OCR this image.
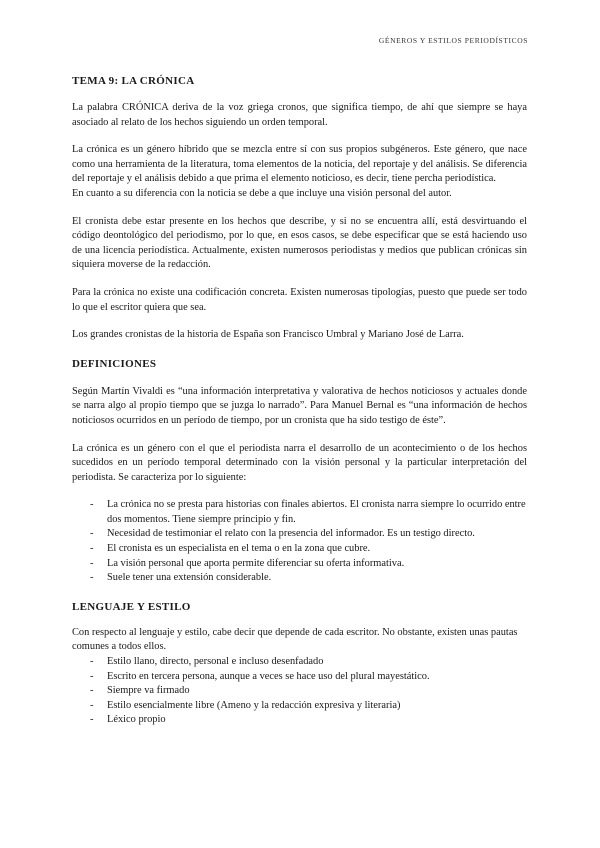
GÉNEROS Y ESTILOS PERIODÍSTICOS
TEMA 9: LA CRÓNICA

La palabra CRÓNICA deriva de la voz griega cronos, que significa tiempo, de ahí que siempre se haya asociado al relato de los hechos siguiendo un orden temporal.

La crónica es un género híbrido que se mezcla entre sí con sus propios subgéneros. Este género, que nace como una herramienta de la literatura, toma elementos de la noticia, del reportaje y del análisis. Se diferencia del reportaje y el análisis debido a que prima el elemento noticioso, es decir, tiene percha periodística.

En cuanto a su diferencia con la noticia se debe a que incluye una visión personal del autor.

El cronista debe estar presente en los hechos que describe, y si no se encuentra allí, está desvirtuando el código deontológico del periodismo, por lo que, en esos casos, se debe especificar que se está haciendo uso de una licencia periodística. Actualmente, existen numerosos periodistas y medios que publican crónicas sin siquiera moverse de la redacción.

Para la crónica no existe una codificación concreta. Existen numerosas tipologías, puesto que puede ser todo lo que el escritor quiera que sea.

Los grandes cronistas de la historia de España son Francisco Umbral y Mariano José de Larra.

DEFINICIONES

Según Martín Vivaldi es “una información interpretativa y valorativa de hechos noticiosos y actuales donde se narra algo al propio tiempo que se juzga lo narrado”. Para Manuel Bernal es “una información de hechos noticiosos ocurridos en un período de tiempo, por un cronista que ha sido testigo de éste”.

La crónica es un género con el que el periodista narra el desarrollo de un acontecimiento o de los hechos sucedidos en un período temporal determinado con la visión personal y la particular interpretación del periodista. Se caracteriza por lo siguiente:

- La crónica no se presta para historias con finales abiertos. El cronista narra siempre lo ocurrido entre dos momentos. Tiene siempre principio y fin.
- Necesidad de testimoniar el relato con la presencia del informador. Es un testigo directo.
- El cronista es un especialista en el tema o en la zona que cubre.
- La visión personal que aporta permite diferenciar su oferta informativa.
- Suele tener una extensión considerable.
LENGUAJE Y ESTILO

Con respecto al lenguaje y estilo, cabe decir que depende de cada escritor. No obstante, existen unas pautas comunes a todos ellos.

- Estilo llano, directo, personal e incluso desenfadado
- Escrito en tercera persona, aunque a veces se hace uso del plural mayestático.
- Siempre va firmado
- Estilo esencialmente libre (Ameno y la redacción expresiva y literaria)
- Léxico propio
